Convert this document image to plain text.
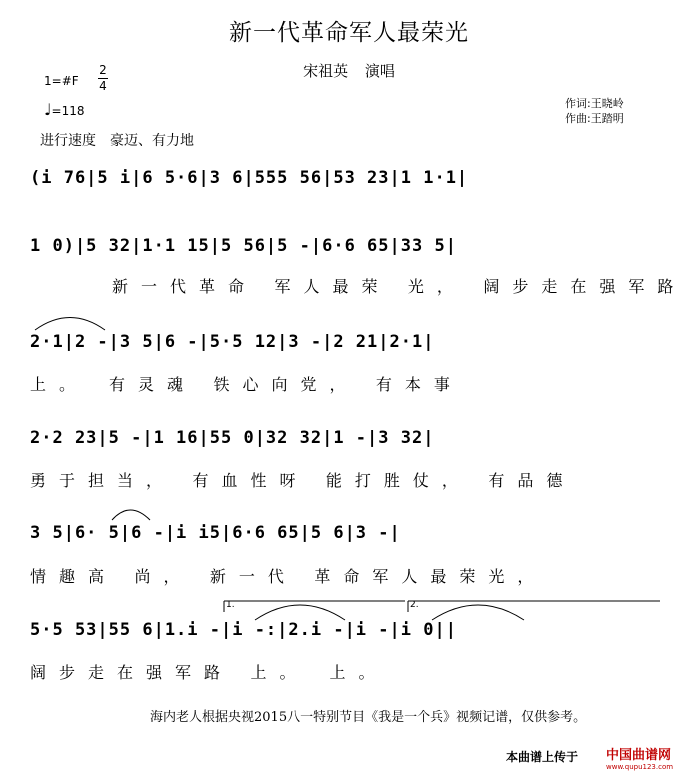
新一代革命军人最荣光
宋祖英 演唱
1=#F
2
4
♩=118
作词:王晓岭
作曲:王踏明
进行速度　豪迈、有力地
(i 76|5 i|6 5·6|3 6|555 56|53 23|1 1·1|
1 0)|5 32|1·1 15|5 56|5 -|6·6 65|33 5|
新一代革命 军人最荣 光， 阔步走在强军路
2·1|2 -|3 5|6 -|5·5 12|3 -|2 21|2·1|
上。　有灵魂 铁心向党， 有本事
2·2 23|5 -|1 16|55 0|32 32|1 -|3 32|
勇于担当， 有血性呀 能打胜仗， 有品德
3 5|6· 5|6 -|i i5|6·6 65|5 6|3 -|
情趣高 尚， 新一代 革命军人最荣光，
5·5 53|55 6|1.i -|i -:|2.i -|i -|i 0||
阔步走在强军路 上。　上。
1.	2.
海内老人根据央视2015八一特别节目《我是一个兵》视频记谱，仅供参考。
本曲谱上传于 中国曲谱网
www.qupu123.com
